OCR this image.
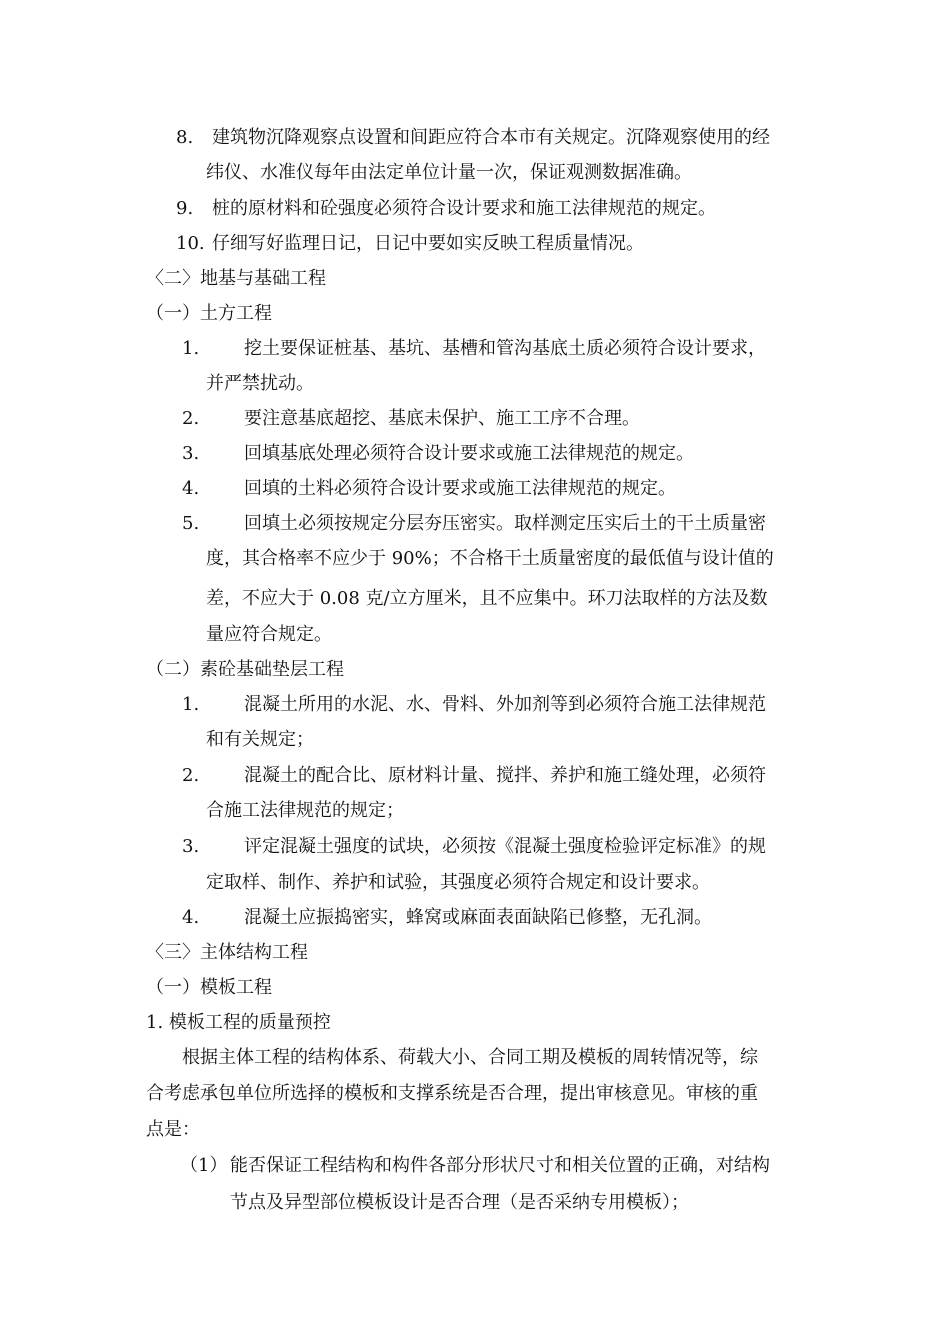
8. 建筑物沉降观察点设置和间距应符合本市有关规定。沉降观察使用的经
纬仪、水准仪每年由法定单位计量一次，保证观测数据准确。
9. 桩的原材料和砼强度必须符合设计要求和施工法律规范的规定。
10. 仔细写好监理日记，日记中要如实反映工程质量情况。
〈二〉地基与基础工程
（一）土方工程
1. 挖土要保证桩基、基坑、基槽和管沟基底土质必须符合设计要求，
并严禁扰动。
2. 要注意基底超挖、基底未保护、施工工序不合理。
3. 回填基底处理必须符合设计要求或施工法律规范的规定。
4. 回填的土料必须符合设计要求或施工法律规范的规定。
5. 回填土必须按规定分层夯压密实。取样测定压实后土的干土质量密
度，其合格率不应少于 90%；不合格干土质量密度的最低值与设计值的
差，不应大于 0.08 克/立方厘米，且不应集中。环刀法取样的方法及数
量应符合规定。
（二）素砼基础垫层工程
1. 混凝土所用的水泥、水、骨料、外加剂等到必须符合施工法律规范
和有关规定；
2. 混凝土的配合比、原材料计量、搅拌、养护和施工缝处理，必须符
合施工法律规范的规定；
3. 评定混凝土强度的试块，必须按《混凝土强度检验评定标准》的规
定取样、制作、养护和试验，其强度必须符合规定和设计要求。
4. 混凝土应振捣密实，蜂窝或麻面表面缺陷已修整，无孔洞。
〈三〉主体结构工程
（一）模板工程
1. 模板工程的质量预控
根据主体工程的结构体系、荷载大小、合同工期及模板的周转情况等，综
合考虑承包单位所选择的模板和支撑系统是否合理，提出审核意见。审核的重
点是：
（1） 能否保证工程结构和构件各部分形状尺寸和相关位置的正确，对结构
节点及异型部位模板设计是否合理（是否采纳专用模板）；
